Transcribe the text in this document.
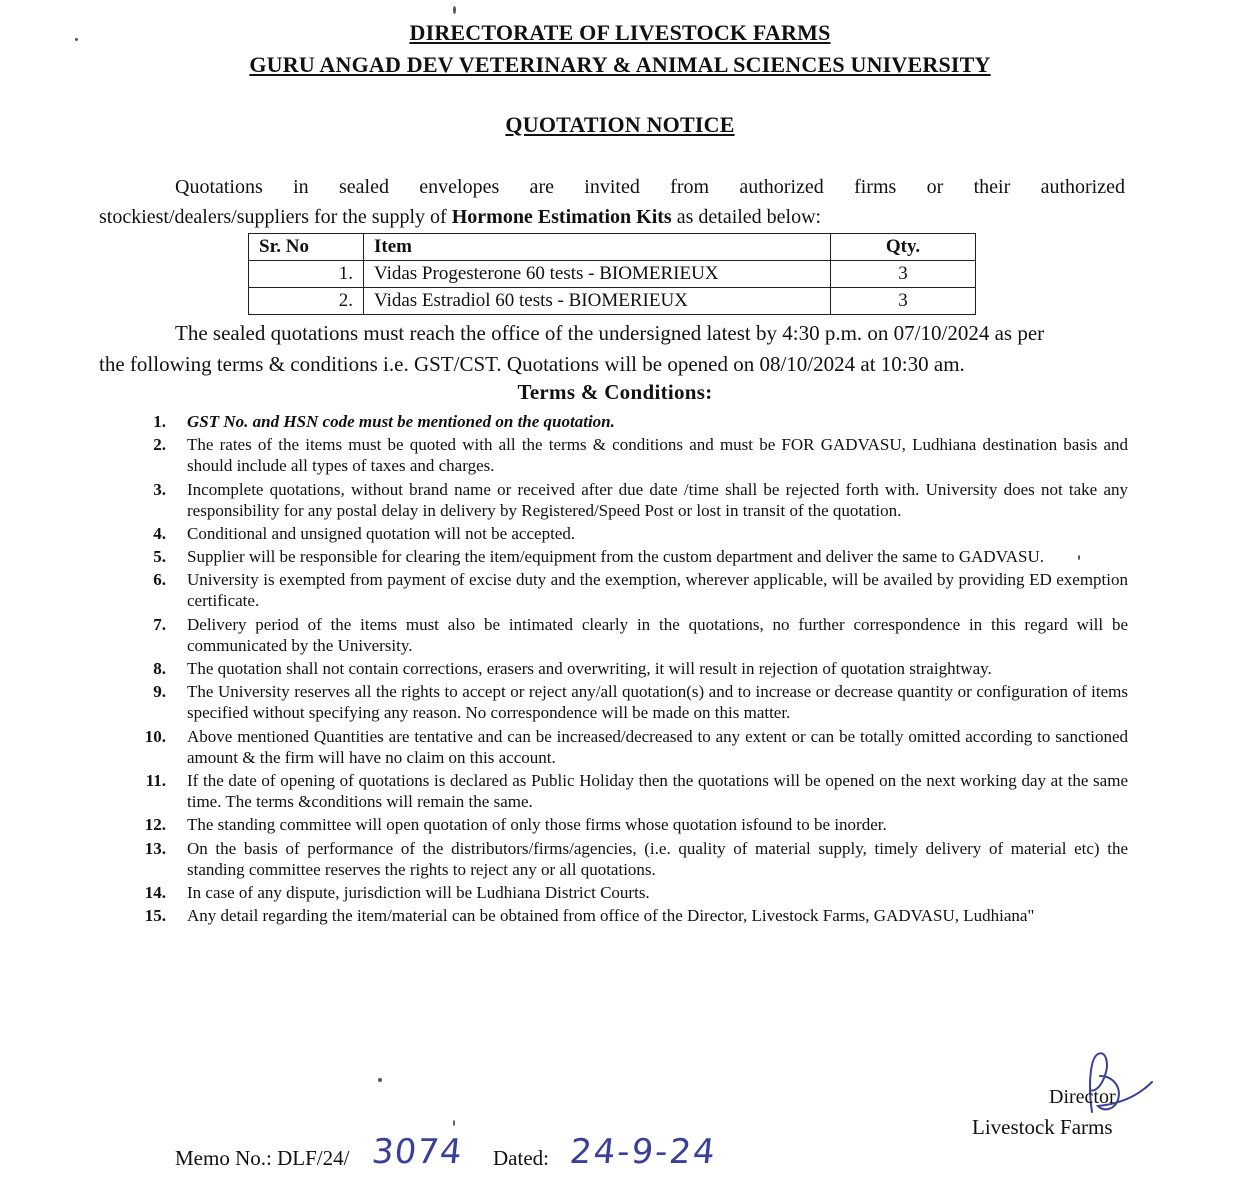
DIRECTORATE OF LIVESTOCK FARMS
GURU ANGAD DEV VETERINARY & ANIMAL SCIENCES UNIVERSITY
QUOTATION NOTICE
Quotations in sealed envelopes are invited from authorized firms or their authorized
stockiest/dealers/suppliers for the supply of Hormone Estimation Kits as detailed below:
Sr. No	Item	Qty.
1.	Vidas Progesterone 60 tests - BIOMERIEUX	3
2.	Vidas Estradiol 60 tests - BIOMERIEUX	3
The sealed quotations must reach the office of the undersigned latest by 4:30 p.m. on 07/10/2024 as per
the following terms & conditions i.e. GST/CST. Quotations will be opened on 08/10/2024 at 10:30 am.
Terms & Conditions:
1. GST No. and HSN code must be mentioned on the quotation.
2. The rates of the items must be quoted with all the terms & conditions and must be FOR GADVASU, Ludhiana destination basis and should include all types of taxes and charges.
3. Incomplete quotations, without brand name or received after due date /time shall be rejected forth with. University does not take any responsibility for any postal delay in delivery by Registered/Speed Post or lost in transit of the quotation.
4. Conditional and unsigned quotation will not be accepted.
5. Supplier will be responsible for clearing the item/equipment from the custom department and deliver the same to GADVASU.
6. University is exempted from payment of excise duty and the exemption, wherever applicable, will be availed by providing ED exemption certificate.
7. Delivery period of the items must also be intimated clearly in the quotations, no further correspondence in this regard will be communicated by the University.
8. The quotation shall not contain corrections, erasers and overwriting, it will result in rejection of quotation straightway.
9. The University reserves all the rights to accept or reject any/all quotation(s) and to increase or decrease quantity or configuration of items specified without specifying any reason. No correspondence will be made on this matter.
10. Above mentioned Quantities are tentative and can be increased/decreased to any extent or can be totally omitted according to sanctioned amount & the firm will have no claim on this account.
11. If the date of opening of quotations is declared as Public Holiday then the quotations will be opened on the next working day at the same time. The terms &conditions will remain the same.
12. The standing committee will open quotation of only those firms whose quotation isfound to be inorder.
13. On the basis of performance of the distributors/firms/agencies, (i.e. quality of material supply, timely delivery of material etc) the standing committee reserves the rights to reject any or all quotations.
14. In case of any dispute, jurisdiction will be Ludhiana District Courts.
15. Any detail regarding the item/material can be obtained from office of the Director, Livestock Farms, GADVASU, Ludhiana"
Director
Livestock Farms
Memo No.: DLF/24/ 3074 Dated: 24-9-24
